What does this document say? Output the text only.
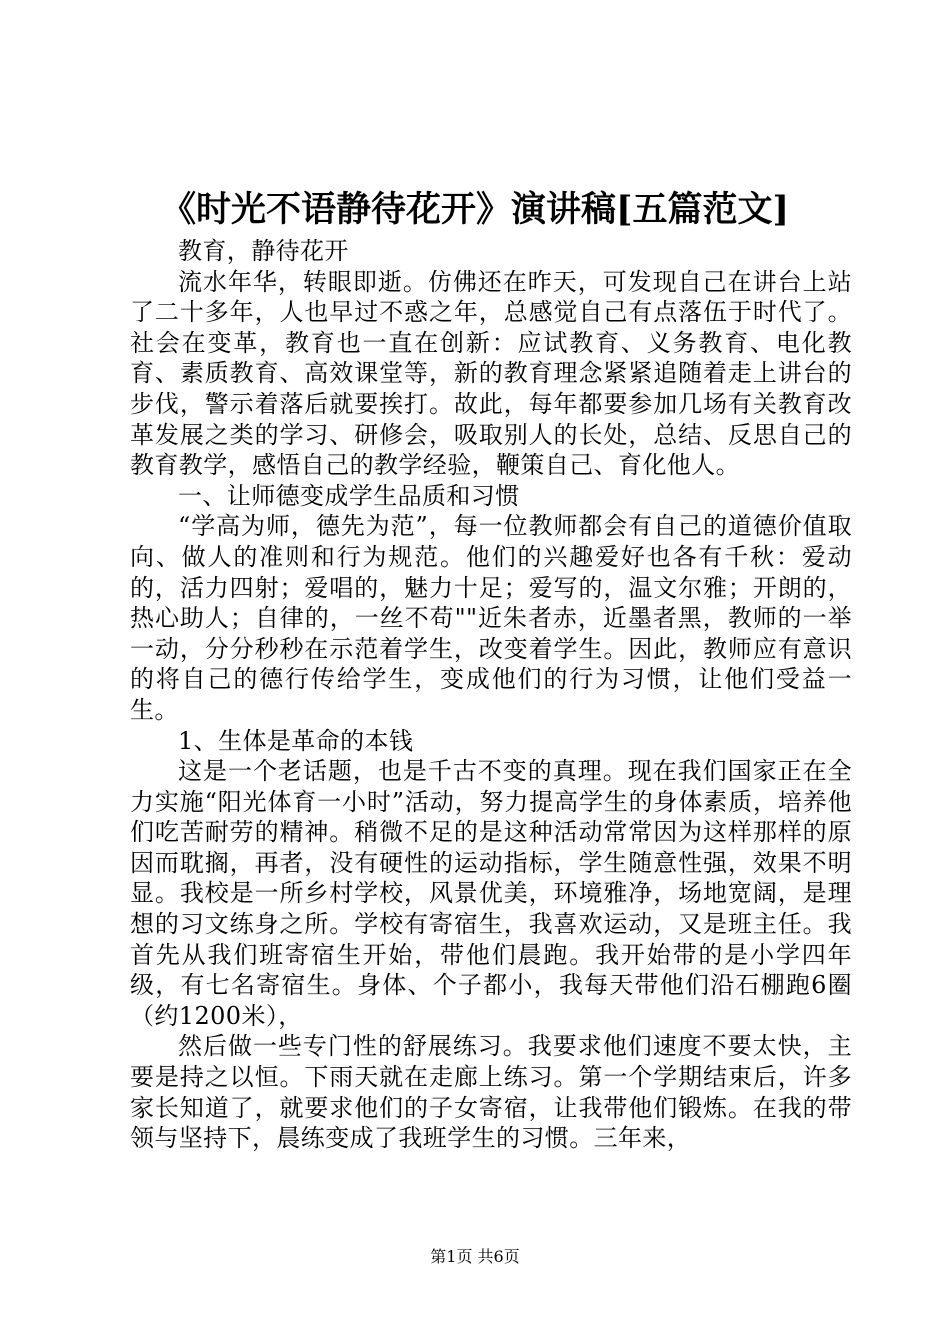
《时光不语静待花开》演讲稿[五篇范文]

教育，静待花开

流水年华，转眼即逝。仿佛还在昨天，可发现自己在讲台上站了二十多年，人也早过不惑之年，总感觉自己有点落伍于时代了。社会在变革，教育也一直在创新：应试教育、义务教育、电化教育、素质教育、高效课堂等，新的教育理念紧紧追随着走上讲台的步伐，警示着落后就要挨打。故此，每年都要参加几场有关教育改革发展之类的学习、研修会，吸取别人的长处，总结、反思自己的教育教学，感悟自己的教学经验，鞭策自己、育化他人。

一、让师德变成学生品质和习惯

“学高为师，德先为范”，每一位教师都会有自己的道德价值取向、做人的准则和行为规范。他们的兴趣爱好也各有千秋：爱动的，活力四射；爱唱的，魅力十足；爱写的，温文尔雅；开朗的，热心助人；自律的，一丝不苟""近朱者赤，近墨者黑，教师的一举一动，分分秒秒在示范着学生，改变着学生。因此，教师应有意识的将自己的德行传给学生，变成他们的行为习惯，让他们受益一生。

1、生体是革命的本钱

这是一个老话题，也是千古不变的真理。现在我们国家正在全力实施“阳光体育一小时”活动，努力提高学生的身体素质，培养他们吃苦耐劳的精神。稍微不足的是这种活动常常因为这样那样的原因而耽搁，再者，没有硬性的运动指标，学生随意性强，效果不明显。我校是一所乡村学校，风景优美，环境雅净，场地宽阔，是理想的习文练身之所。学校有寄宿生，我喜欢运动，又是班主任。我首先从我们班寄宿生开始，带他们晨跑。我开始带的是小学四年级，有七名寄宿生。身体、个子都小，我每天带他们沿石棚跑6圈（约1200米），

然后做一些专门性的舒展练习。我要求他们速度不要太快，主要是持之以恒。下雨天就在走廊上练习。第一个学期结束后，许多家长知道了，就要求他们的子女寄宿，让我带他们锻炼。在我的带领与坚持下，晨练变成了我班学生的习惯。三年来，

第1页 共6页
